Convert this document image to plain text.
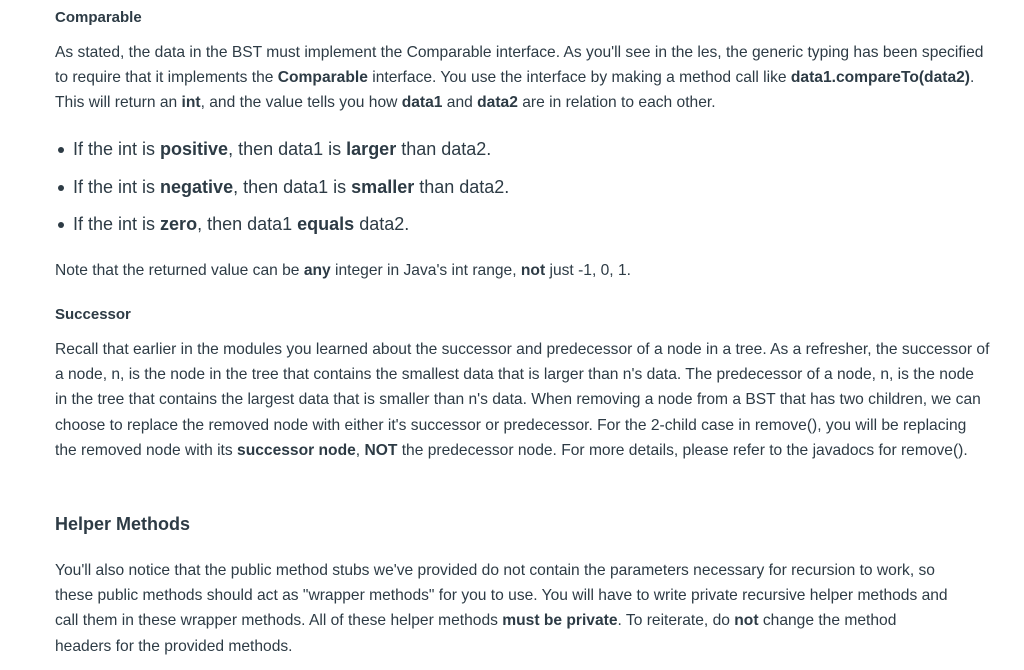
Comparable

As stated, the data in the BST must implement the Comparable interface. As you'll see in the les, the generic typing has been specified to require that it implements the Comparable interface. You use the interface by making a method call like data1.compareTo(data2). This will return an int, and the value tells you how data1 and data2 are in relation to each other.

If the int is positive, then data1 is larger than data2.
If the int is negative, then data1 is smaller than data2.
If the int is zero, then data1 equals data2.

Note that the returned value can be any integer in Java's int range, not just -1, 0, 1.

Successor

Recall that earlier in the modules you learned about the successor and predecessor of a node in a tree. As a refresher, the successor of a node, n, is the node in the tree that contains the smallest data that is larger than n's data. The predecessor of a node, n, is the node in the tree that contains the largest data that is smaller than n's data. When removing a node from a BST that has two children, we can choose to replace the removed node with either it's successor or predecessor. For the 2-child case in remove(), you will be replacing the removed node with its successor node, NOT the predecessor node. For more details, please refer to the javadocs for remove().

Helper Methods

You'll also notice that the public method stubs we've provided do not contain the parameters necessary for recursion to work, so these public methods should act as "wrapper methods" for you to use. You will have to write private recursive helper methods and call them in these wrapper methods. All of these helper methods must be private. To reiterate, do not change the method headers for the provided methods.
